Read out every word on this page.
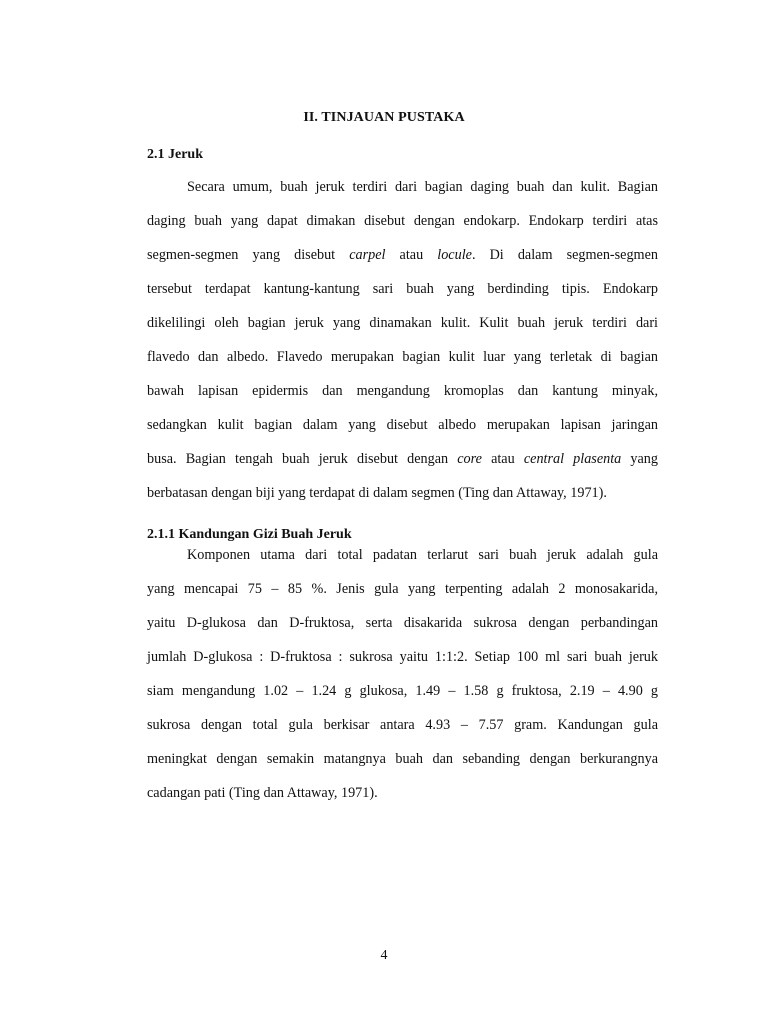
II. TINJAUAN PUSTAKA
2.1 Jeruk
Secara umum, buah jeruk terdiri dari bagian daging buah dan kulit. Bagian
daging buah yang dapat dimakan disebut dengan endokarp. Endokarp terdiri atas
segmen-segmen yang disebut carpel atau locule. Di dalam segmen-segmen
tersebut terdapat kantung-kantung sari buah yang berdinding tipis. Endokarp
dikelilingi oleh bagian jeruk yang dinamakan kulit. Kulit buah jeruk terdiri dari
flavedo dan albedo. Flavedo merupakan bagian kulit luar yang terletak di bagian
bawah lapisan epidermis dan mengandung kromoplas dan kantung minyak,
sedangkan kulit bagian dalam yang disebut albedo merupakan lapisan jaringan
busa. Bagian tengah buah jeruk disebut dengan core atau central plasenta yang
berbatasan dengan biji yang terdapat di dalam segmen (Ting dan Attaway, 1971).
2.1.1 Kandungan Gizi Buah Jeruk
Komponen utama dari total padatan terlarut sari buah jeruk adalah gula
yang mencapai 75 – 85 %. Jenis gula yang terpenting adalah 2 monosakarida,
yaitu D-glukosa dan D-fruktosa, serta disakarida sukrosa dengan perbandingan
jumlah D-glukosa : D-fruktosa : sukrosa yaitu 1:1:2. Setiap 100 ml sari buah jeruk
siam mengandung 1.02 – 1.24 g glukosa, 1.49 – 1.58 g fruktosa, 2.19 – 4.90 g
sukrosa dengan total gula berkisar antara 4.93 – 7.57 gram. Kandungan gula
meningkat dengan semakin matangnya buah dan sebanding dengan berkurangnya
cadangan pati (Ting dan Attaway, 1971).
4
